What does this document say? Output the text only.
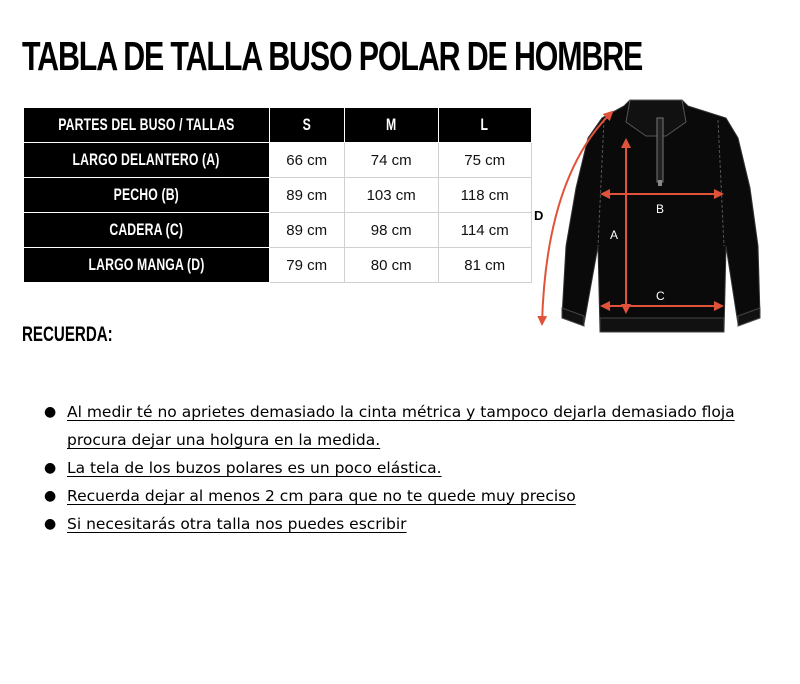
TABLA DE TALLA BUSO POLAR DE HOMBRE
PARTES DEL BUSO / TALLAS	S	M	L
LARGO DELANTERO (A)	66 cm	74 cm	75 cm
PECHO (B)	89 cm	103 cm	118 cm
CADERA (C)	89 cm	98 cm	114 cm
LARGO MANGA (D)	79 cm	80 cm	81 cm
A
B
C
D
RECUERDA:
● Al medir té no aprietes demasiado la cinta métrica y tampoco dejarla demasiado floja procura dejar una holgura en la medida.
● La tela de los buzos polares es un poco elástica.
● Recuerda dejar al menos 2 cm para que no te quede muy preciso
● Si necesitarás otra talla nos puedes escribir
